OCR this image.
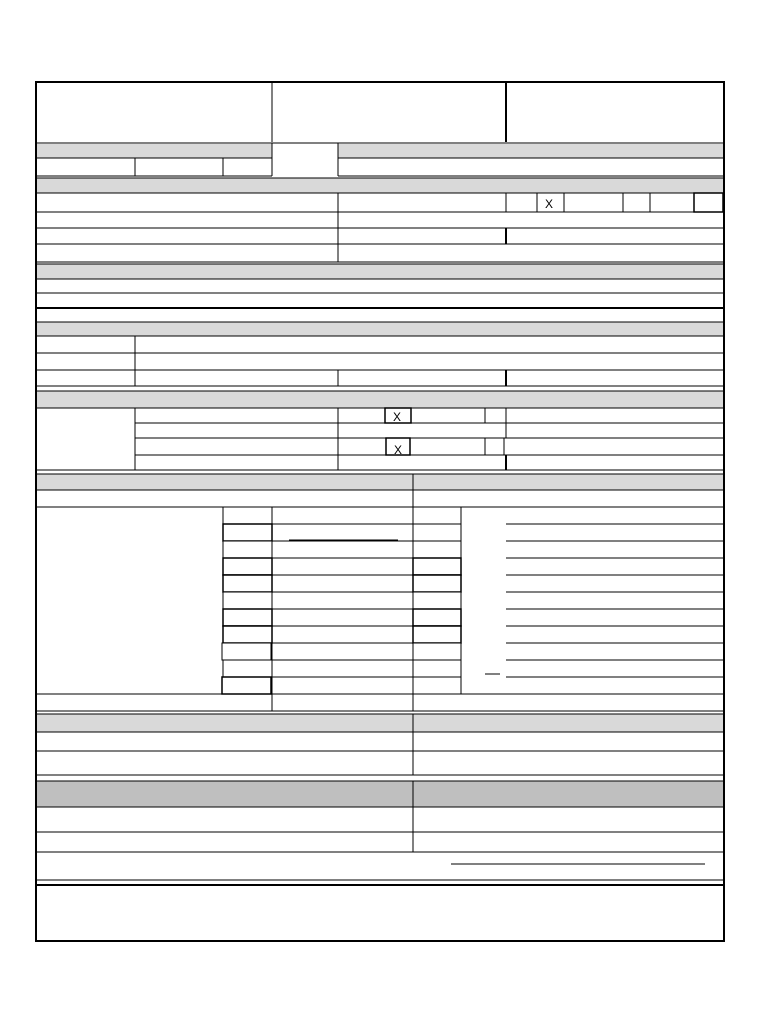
X
X
X
